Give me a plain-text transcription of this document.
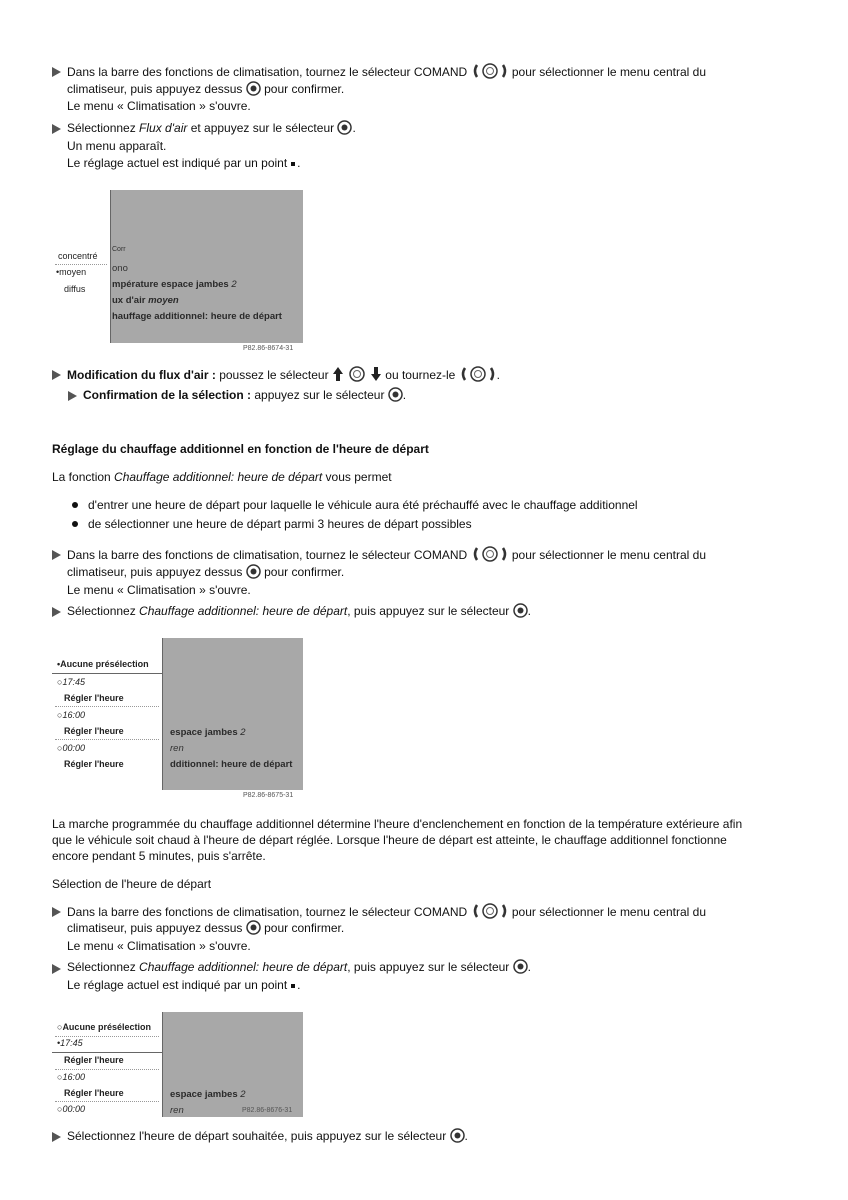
Dans la barre des fonctions de climatisation, tournez le sélecteur COMAND	pour sélectionner le menu central du
climatiseur, puis appuyez dessus pour confirmer.
Le menu « Climatisation » s'ouvre.
Sélectionnez Flux d'air et appuyez sur le sélecteur .
Un menu apparaît.
Le réglage actuel est indiqué par un point .
concentré
•moyen
diffus
Corr
ono
mpérature espace jambes 2
ux d'air moyen
hauffage additionnel: heure de départ
P82.86-8674-31
Modification du flux d'air : poussez le sélecteur	ou tournez-le	.
Confirmation de la sélection : appuyez sur le sélecteur .
Réglage du chauffage additionnel en fonction de l'heure de départ
La fonction Chauffage additionnel: heure de départ vous permet
d'entrer une heure de départ pour laquelle le véhicule aura été préchauffé avec le chauffage additionnel
de sélectionner une heure de départ parmi 3 heures de départ possibles
Dans la barre des fonctions de climatisation, tournez le sélecteur COMAND	pour sélectionner le menu central du
climatiseur, puis appuyez dessus pour confirmer.
Le menu « Climatisation » s'ouvre.
Sélectionnez Chauffage additionnel: heure de départ, puis appuyez sur le sélecteur .
•Aucune présélection
○17:45
Régler l'heure
○16:00
Régler l'heure
○00:00
Régler l'heure
espace jambes 2
ren
dditionnel: heure de départ
P82.86-8675-31
La marche programmée du chauffage additionnel détermine l'heure d'enclenchement en fonction de la température extérieure afin
que le véhicule soit chaud à l'heure de départ réglée. Lorsque l'heure de départ est atteinte, le chauffage additionnel fonctionne
encore pendant 5 minutes, puis s'arrête.
Sélection de l'heure de départ
Dans la barre des fonctions de climatisation, tournez le sélecteur COMAND	pour sélectionner le menu central du
climatiseur, puis appuyez dessus pour confirmer.
Le menu « Climatisation » s'ouvre.
Sélectionnez Chauffage additionnel: heure de départ, puis appuyez sur le sélecteur .
Le réglage actuel est indiqué par un point .
○Aucune présélection
•17:45
Régler l'heure
○16:00
Régler l'heure
○00:00
espace jambes 2
ren	P82.86-8676-31
Sélectionnez l'heure de départ souhaitée, puis appuyez sur le sélecteur .
